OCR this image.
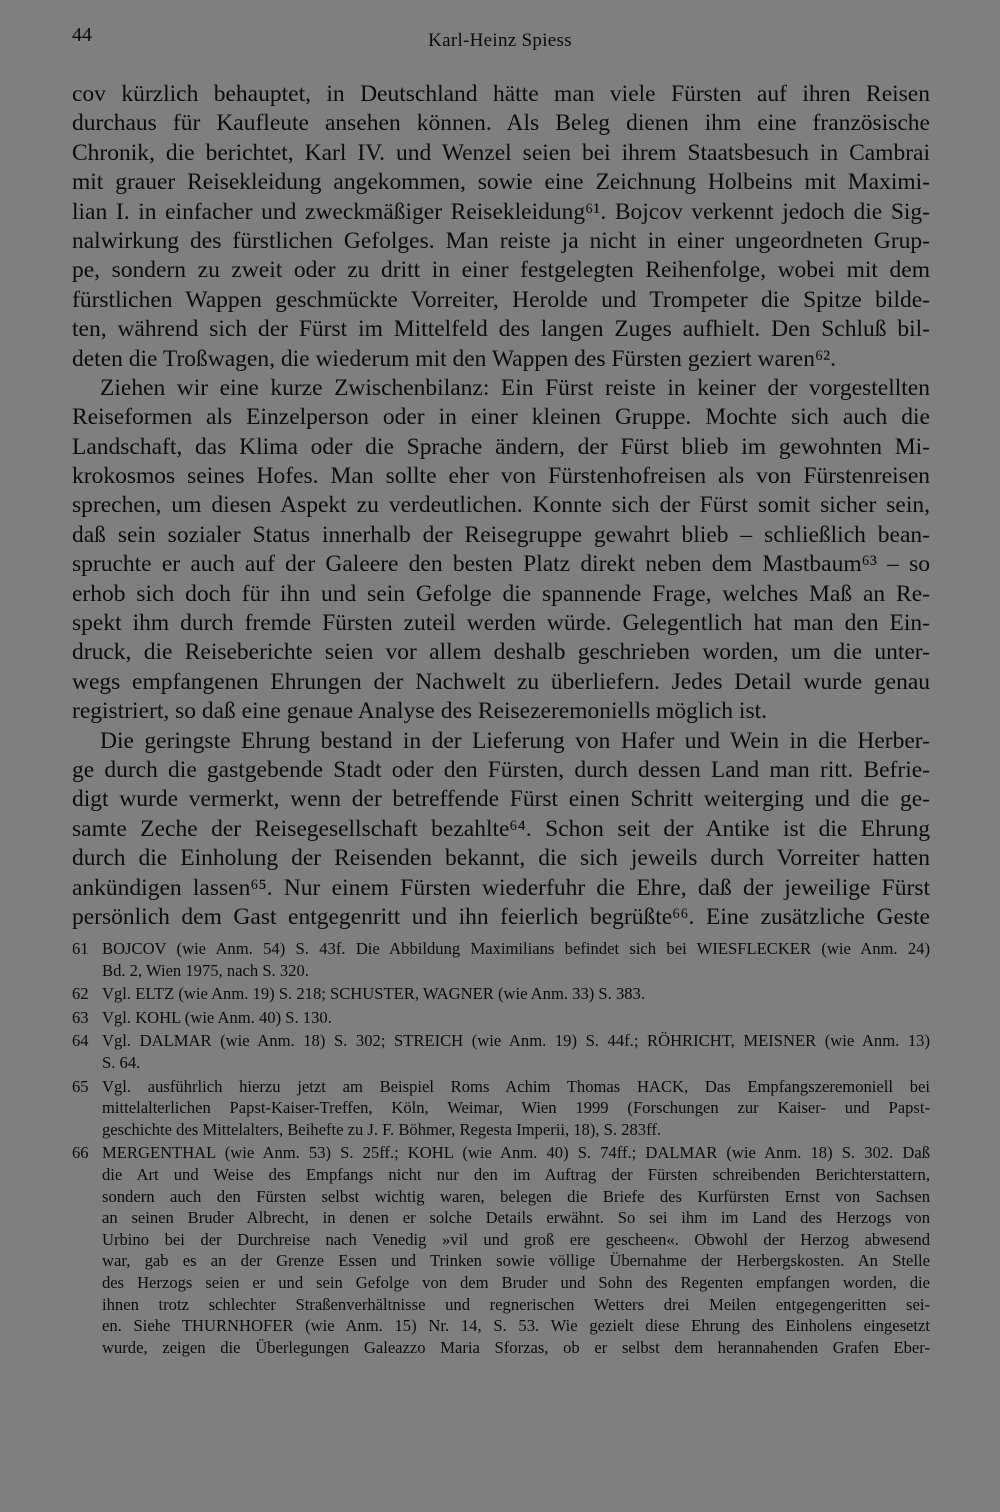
44	Karl-Heinz Spiess
cov kürzlich behauptet, in Deutschland hätte man viele Fürsten auf ihren Reisen
durchaus für Kaufleute ansehen können. Als Beleg dienen ihm eine französische
Chronik, die berichtet, Karl IV. und Wenzel seien bei ihrem Staatsbesuch in Cambrai
mit grauer Reisekleidung angekommen, sowie eine Zeichnung Holbeins mit Maximi-
lian I. in einfacher und zweckmäßiger Reisekleidung⁶¹. Bojcov verkennt jedoch die Sig-
nalwirkung des fürstlichen Gefolges. Man reiste ja nicht in einer ungeordneten Grup-
pe, sondern zu zweit oder zu dritt in einer festgelegten Reihenfolge, wobei mit dem
fürstlichen Wappen geschmückte Vorreiter, Herolde und Trompeter die Spitze bilde-
ten, während sich der Fürst im Mittelfeld des langen Zuges aufhielt. Den Schluß bil-
deten die Troßwagen, die wiederum mit den Wappen des Fürsten geziert waren⁶².
Ziehen wir eine kurze Zwischenbilanz: Ein Fürst reiste in keiner der vorgestellten
Reiseformen als Einzelperson oder in einer kleinen Gruppe. Mochte sich auch die
Landschaft, das Klima oder die Sprache ändern, der Fürst blieb im gewohnten Mi-
krokosmos seines Hofes. Man sollte eher von Fürstenhofreisen als von Fürstenreisen
sprechen, um diesen Aspekt zu verdeutlichen. Konnte sich der Fürst somit sicher sein,
daß sein sozialer Status innerhalb der Reisegruppe gewahrt blieb – schließlich bean-
spruchte er auch auf der Galeere den besten Platz direkt neben dem Mastbaum⁶³ – so
erhob sich doch für ihn und sein Gefolge die spannende Frage, welches Maß an Re-
spekt ihm durch fremde Fürsten zuteil werden würde. Gelegentlich hat man den Ein-
druck, die Reiseberichte seien vor allem deshalb geschrieben worden, um die unter-
wegs empfangenen Ehrungen der Nachwelt zu überliefern. Jedes Detail wurde genau
registriert, so daß eine genaue Analyse des Reisezeremoniells möglich ist.
Die geringste Ehrung bestand in der Lieferung von Hafer und Wein in die Herber-
ge durch die gastgebende Stadt oder den Fürsten, durch dessen Land man ritt. Befrie-
digt wurde vermerkt, wenn der betreffende Fürst einen Schritt weiterging und die ge-
samte Zeche der Reisegesellschaft bezahlte⁶⁴. Schon seit der Antike ist die Ehrung
durch die Einholung der Reisenden bekannt, die sich jeweils durch Vorreiter hatten
ankündigen lassen⁶⁵. Nur einem Fürsten wiederfuhr die Ehre, daß der jeweilige Fürst
persönlich dem Gast entgegenritt und ihn feierlich begrüßte⁶⁶. Eine zusätzliche Geste
61 BOJCOV (wie Anm. 54) S. 43f. Die Abbildung Maximilians befindet sich bei WIESFLECKER (wie Anm. 24)
Bd. 2, Wien 1975, nach S. 320.
62 Vgl. ELTZ (wie Anm. 19) S. 218; SCHUSTER, WAGNER (wie Anm. 33) S. 383.
63 Vgl. KOHL (wie Anm. 40) S. 130.
64 Vgl. DALMAR (wie Anm. 18) S. 302; STREICH (wie Anm. 19) S. 44f.; RÖHRICHT, MEISNER (wie Anm. 13)
S. 64.
65 Vgl. ausführlich hierzu jetzt am Beispiel Roms Achim Thomas HACK, Das Empfangszeremoniell bei
mittelalterlichen Papst-Kaiser-Treffen, Köln, Weimar, Wien 1999 (Forschungen zur Kaiser- und Papst-
geschichte des Mittelalters, Beihefte zu J. F. Böhmer, Regesta Imperii, 18), S. 283ff.
66 MERGENTHAL (wie Anm. 53) S. 25ff.; KOHL (wie Anm. 40) S. 74ff.; DALMAR (wie Anm. 18) S. 302. Daß
die Art und Weise des Empfangs nicht nur den im Auftrag der Fürsten schreibenden Berichterstattern,
sondern auch den Fürsten selbst wichtig waren, belegen die Briefe des Kurfürsten Ernst von Sachsen
an seinen Bruder Albrecht, in denen er solche Details erwähnt. So sei ihm im Land des Herzogs von
Urbino bei der Durchreise nach Venedig »vil und groß ere gescheen«. Obwohl der Herzog abwesend
war, gab es an der Grenze Essen und Trinken sowie völlige Übernahme der Herbergskosten. An Stelle
des Herzogs seien er und sein Gefolge von dem Bruder und Sohn des Regenten empfangen worden, die
ihnen trotz schlechter Straßenverhältnisse und regnerischen Wetters drei Meilen entgegengeritten sei-
en. Siehe THURNHOFER (wie Anm. 15) Nr. 14, S. 53. Wie gezielt diese Ehrung des Einholens eingesetzt
wurde, zeigen die Überlegungen Galeazzo Maria Sforzas, ob er selbst dem herannahenden Grafen Eber-
